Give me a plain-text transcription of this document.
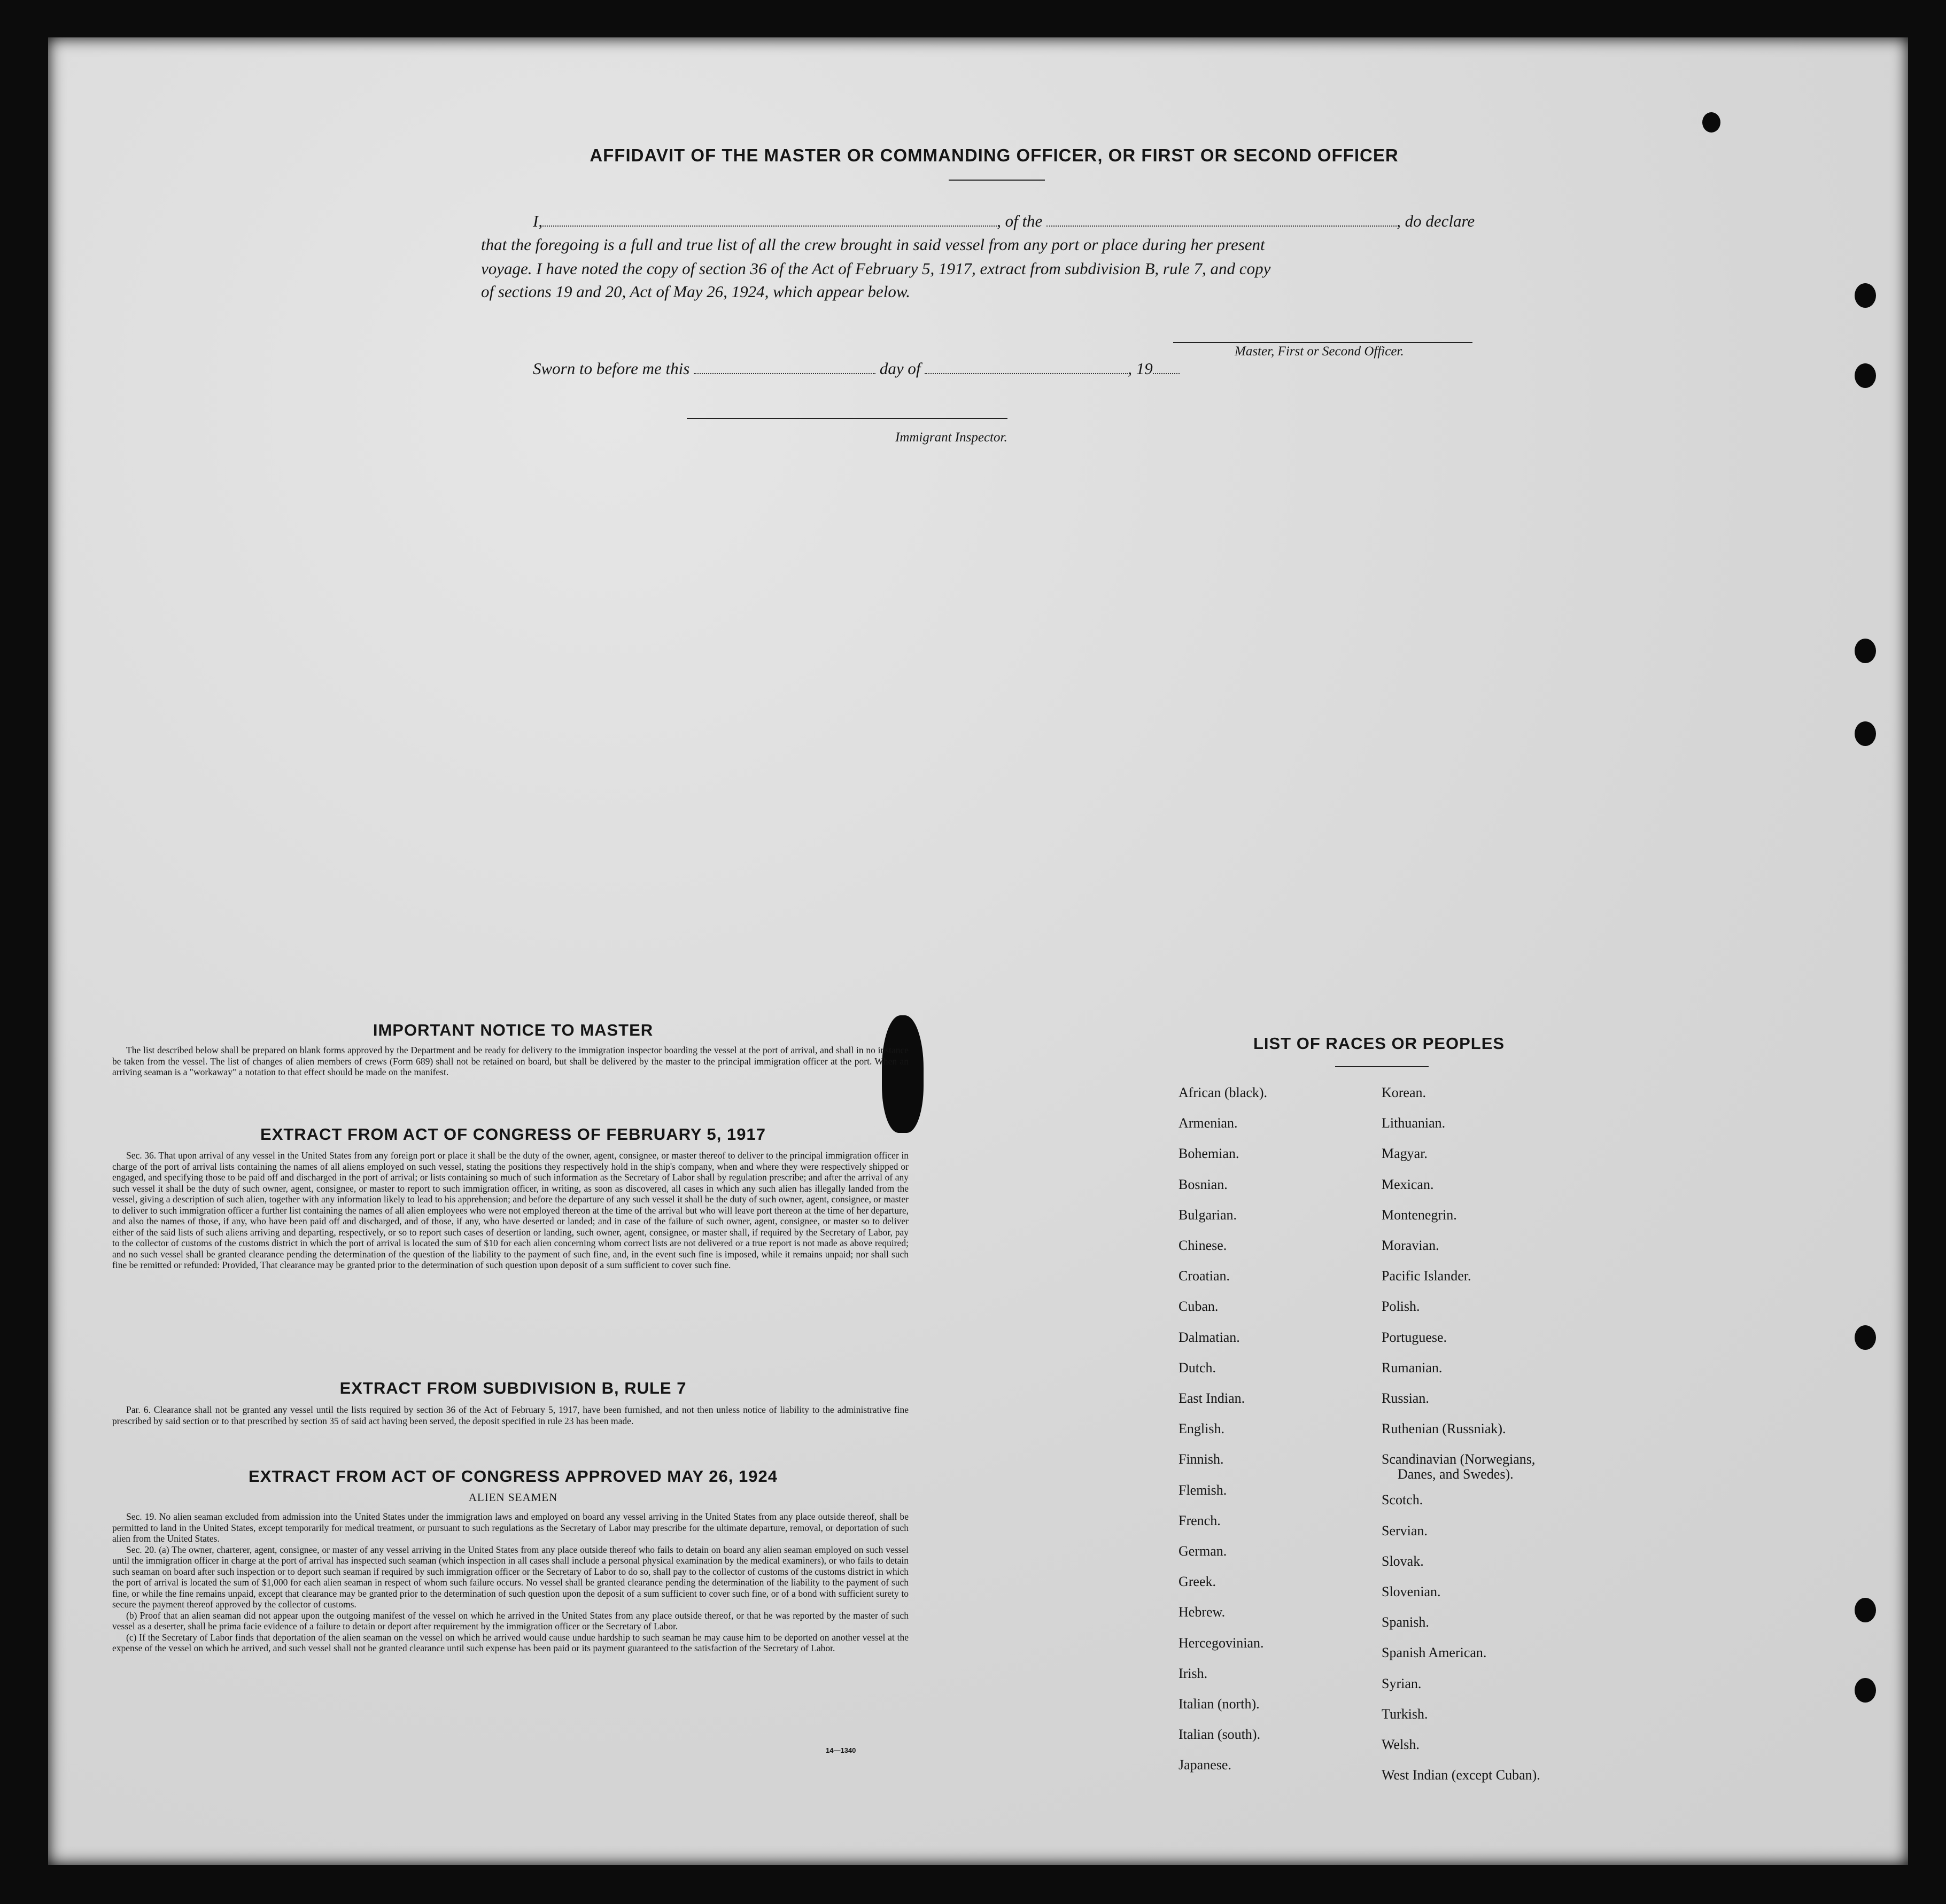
AFFIDAVIT OF THE MASTER OR COMMANDING OFFICER, OR FIRST OR SECOND OFFICER
I,	, of the	, do declare
that the foregoing is a full and true list of all the crew brought in said vessel from any port or place during her present
voyage. I have noted the copy of section 36 of the Act of February 5, 1917, extract from subdivision B, rule 7, and copy
of sections 19 and 20, Act of May 26, 1924, which appear below.
Master, First or Second Officer.
Sworn to before me this	day of	, 19
Immigrant Inspector.
IMPORTANT NOTICE TO MASTER

The list described below shall be prepared on blank forms approved by the Department and be ready for delivery to the immigration inspector boarding the vessel at the port of arrival, and shall in no instance be taken from the vessel. The list of changes of alien members of crews (Form 689) shall not be retained on board, but shall be delivered by the master to the principal immigration officer at the port. When an arriving seaman is a "workaway" a notation to that effect should be made on the manifest.

EXTRACT FROM ACT OF CONGRESS OF FEBRUARY 5, 1917

Sec. 36. That upon arrival of any vessel in the United States from any foreign port or place it shall be the duty of the owner, agent, consignee, or master thereof to deliver to the principal immigration officer in charge of the port of arrival lists containing the names of all aliens employed on such vessel, stating the positions they respectively hold in the ship's company, when and where they were respectively shipped or engaged, and specifying those to be paid off and discharged in the port of arrival; or lists containing so much of such information as the Secretary of Labor shall by regulation prescribe; and after the arrival of any such vessel it shall be the duty of such owner, agent, consignee, or master to report to such immigration officer, in writing, as soon as discovered, all cases in which any such alien has illegally landed from the vessel, giving a description of such alien, together with any information likely to lead to his apprehension; and before the departure of any such vessel it shall be the duty of such owner, agent, consignee, or master to deliver to such immigration officer a further list containing the names of all alien employees who were not employed thereon at the time of the arrival but who will leave port thereon at the time of her departure, and also the names of those, if any, who have been paid off and discharged, and of those, if any, who have deserted or landed; and in case of the failure of such owner, agent, consignee, or master so to deliver either of the said lists of such aliens arriving and departing, respectively, or so to report such cases of desertion or landing, such owner, agent, consignee, or master shall, if required by the Secretary of Labor, pay to the collector of customs of the customs district in which the port of arrival is located the sum of $10 for each alien concerning whom correct lists are not delivered or a true report is not made as above required; and no such vessel shall be granted clearance pending the determination of the question of the liability to the payment of such fine, and, in the event such fine is imposed, while it remains unpaid; nor shall such fine be remitted or refunded: Provided, That clearance may be granted prior to the determination of such question upon deposit of a sum sufficient to cover such fine.

EXTRACT FROM SUBDIVISION B, RULE 7

Par. 6. Clearance shall not be granted any vessel until the lists required by section 36 of the Act of February 5, 1917, have been furnished, and not then unless notice of liability to the administrative fine prescribed by said section or to that prescribed by section 35 of said act having been served, the deposit specified in rule 23 has been made.

EXTRACT FROM ACT OF CONGRESS APPROVED MAY 26, 1924
ALIEN SEAMEN

Sec. 19. No alien seaman excluded from admission into the United States under the immigration laws and employed on board any vessel arriving in the United States from any place outside thereof, shall be permitted to land in the United States, except temporarily for medical treatment, or pursuant to such regulations as the Secretary of Labor may prescribe for the ultimate departure, removal, or deportation of such alien from the United States.

Sec. 20. (a) The owner, charterer, agent, consignee, or master of any vessel arriving in the United States from any place outside thereof who fails to detain on board any alien seaman employed on such vessel until the immigration officer in charge at the port of arrival has inspected such seaman (which inspection in all cases shall include a personal physical examination by the medical examiners), or who fails to detain such seaman on board after such inspection or to deport such seaman if required by such immigration officer or the Secretary of Labor to do so, shall pay to the collector of customs of the customs district in which the port of arrival is located the sum of $1,000 for each alien seaman in respect of whom such failure occurs. No vessel shall be granted clearance pending the determination of the liability to the payment of such fine, or while the fine remains unpaid, except that clearance may be granted prior to the determination of such question upon the deposit of a sum sufficient to cover such fine, or of a bond with sufficient surety to secure the payment thereof approved by the collector of customs.

(b) Proof that an alien seaman did not appear upon the outgoing manifest of the vessel on which he arrived in the United States from any place outside thereof, or that he was reported by the master of such vessel as a deserter, shall be prima facie evidence of a failure to detain or deport after requirement by the immigration officer or the Secretary of Labor.

(c) If the Secretary of Labor finds that deportation of the alien seaman on the vessel on which he arrived would cause undue hardship to such seaman he may cause him to be deported on another vessel at the expense of the vessel on which he arrived, and such vessel shall not be granted clearance until such expense has been paid or its payment guaranteed to the satisfaction of the Secretary of Labor.

14—1340
LIST OF RACES OR PEOPLES
African (black).
Armenian.
Bohemian.
Bosnian.
Bulgarian.
Chinese.
Croatian.
Cuban.
Dalmatian.
Dutch.
East Indian.
English.
Finnish.
Flemish.
French.
German.
Greek.
Hebrew.
Hercegovinian.
Irish.
Italian (north).
Italian (south).
Japanese.
Korean.
Lithuanian.
Magyar.
Mexican.
Montenegrin.
Moravian.
Pacific Islander.
Polish.
Portuguese.
Rumanian.
Russian.
Ruthenian (Russniak).
Scandinavian (Norwegians,
Danes, and Swedes).
Scotch.
Servian.
Slovak.
Slovenian.
Spanish.
Spanish American.
Syrian.
Turkish.
Welsh.
West Indian (except Cuban).
